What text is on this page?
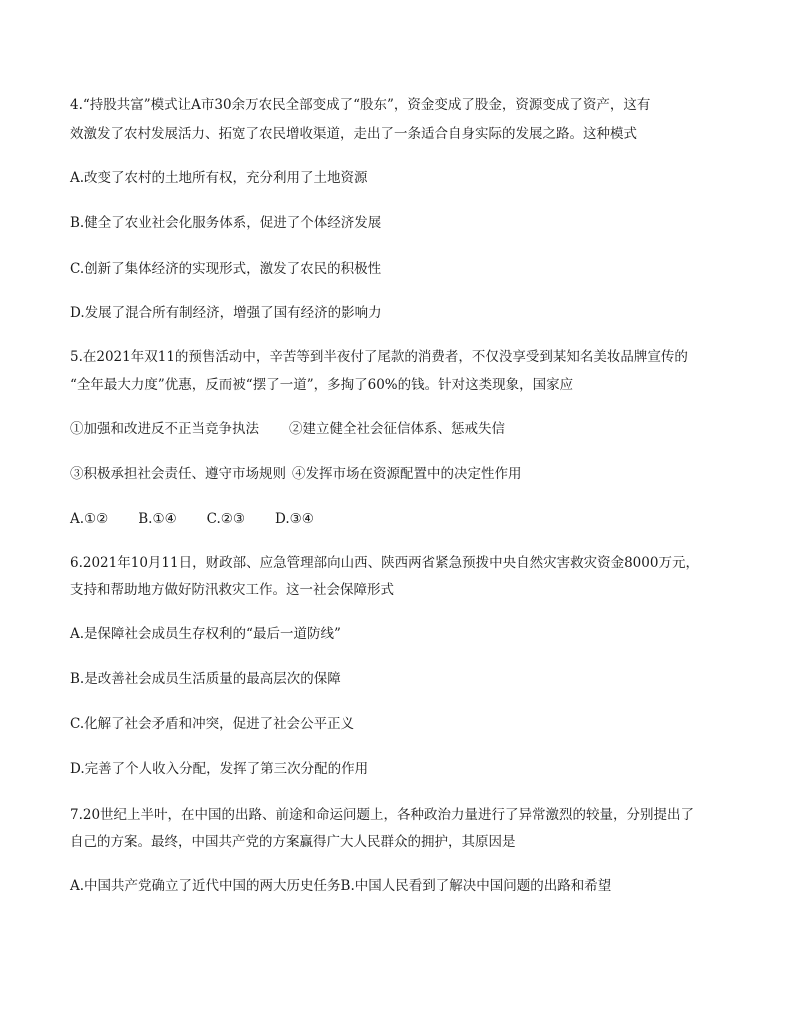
4.“持股共富”模式让A市30余万农民全部变成了“股东”，资金变成了股金，资源变成了资产，这有
效激发了农村发展活力、拓宽了农民增收渠道，走出了一条适合自身实际的发展之路。这种模式
A.改变了农村的土地所有权，充分利用了土地资源
B.健全了农业社会化服务体系，促进了个体经济发展
C.创新了集体经济的实现形式，激发了农民的积极性
D.发展了混合所有制经济，增强了国有经济的影响力
5.在2021年双11的预售活动中，辛苦等到半夜付了尾款的消费者，不仅没享受到某知名美妆品牌宣传的
“全年最大力度”优惠，反而被“摆了一道”，多掏了60%的钱。针对这类现象，国家应
①加强和改进反不正当竞争执法 ②建立健全社会征信体系、惩戒失信
③积极承担社会责任、遵守市场规则 ④发挥市场在资源配置中的决定性作用
A.①② B.①④ C.②③ D.③④
6.2021年10月11日，财政部、应急管理部向山西、陕西两省紧急预拨中央自然灾害救灾资金8000万元，
支持和帮助地方做好防汛救灾工作。这一社会保障形式
A.是保障社会成员生存权利的“最后一道防线”
B.是改善社会成员生活质量的最高层次的保障
C.化解了社会矛盾和冲突，促进了社会公平正义
D.完善了个人收入分配，发挥了第三次分配的作用
7.20世纪上半叶，在中国的出路、前途和命运问题上，各种政治力量进行了异常激烈的较量，分别提出了
自己的方案。最终，中国共产党的方案赢得广大人民群众的拥护，其原因是
A.中国共产党确立了近代中国的两大历史任务B.中国人民看到了解决中国问题的出路和希望
